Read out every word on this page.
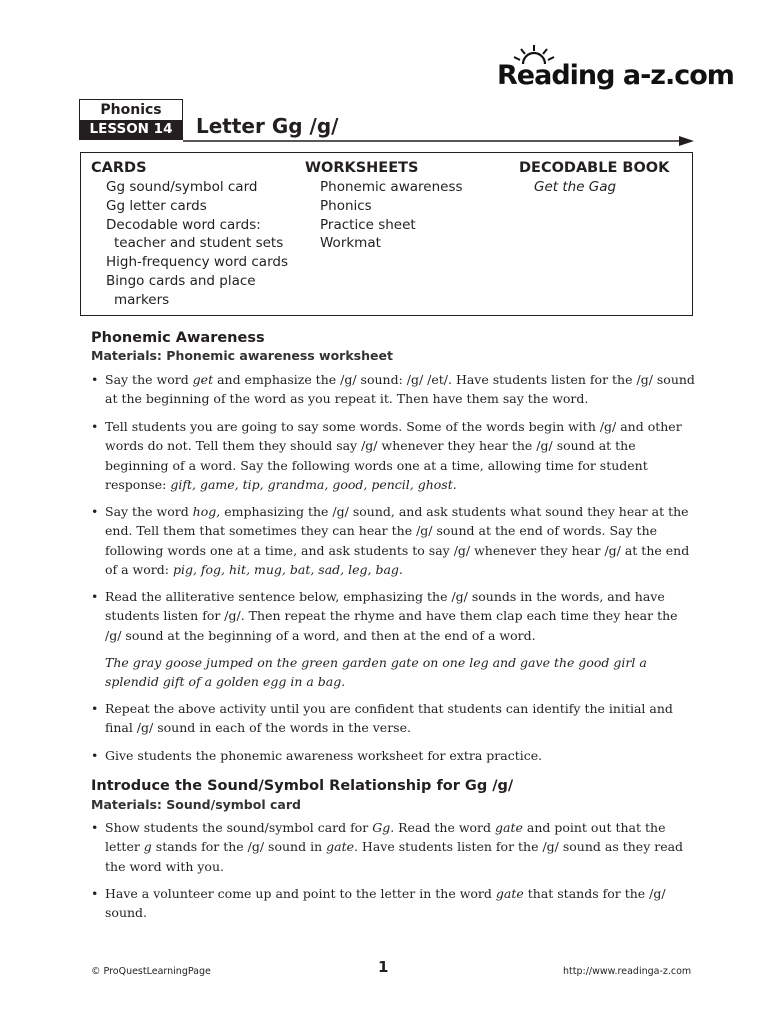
Reading a-z.com
Phonics
LESSON 14	Letter Gg /g/
CARDS
Gg sound/symbol card
Gg letter cards
Decodable word cards:
teacher and student sets
High-frequency word cards
Bingo cards and place
markers
WORKSHEETS
Phonemic awareness
Phonics
Practice sheet
Workmat
DECODABLE BOOK
Get the Gag
Phonemic Awareness
Materials: Phonemic awareness worksheet
• Say the word get and emphasize the /g/ sound: /g/ /et/. Have students listen for the /g/ sound at the beginning of the word as you repeat it. Then have them say the word.
• Tell students you are going to say some words. Some of the words begin with /g/ and other words do not. Tell them they should say /g/ whenever they hear the /g/ sound at the beginning of a word. Say the following words one at a time, allowing time for student response: gift, game, tip, grandma, good, pencil, ghost.
• Say the word hog, emphasizing the /g/ sound, and ask students what sound they hear at the end. Tell them that sometimes they can hear the /g/ sound at the end of words. Say the following words one at a time, and ask students to say /g/ whenever they hear /g/ at the end of a word: pig, fog, hit, mug, bat, sad, leg, bag.
• Read the alliterative sentence below, emphasizing the /g/ sounds in the words, and have students listen for /g/. Then repeat the rhyme and have them clap each time they hear the /g/ sound at the beginning of a word, and then at the end of a word.
The gray goose jumped on the green garden gate on one leg and gave the good girl a splendid gift of a golden egg in a bag.
• Repeat the above activity until you are confident that students can identify the initial and final /g/ sound in each of the words in the verse.
• Give students the phonemic awareness worksheet for extra practice.
Introduce the Sound/Symbol Relationship for Gg /g/
Materials: Sound/symbol card
• Show students the sound/symbol card for Gg. Read the word gate and point out that the letter g stands for the /g/ sound in gate. Have students listen for the /g/ sound as they read the word with you.
• Have a volunteer come up and point to the letter in the word gate that stands for the /g/ sound.
© ProQuestLearningPage	1	http://www.readinga-z.com
